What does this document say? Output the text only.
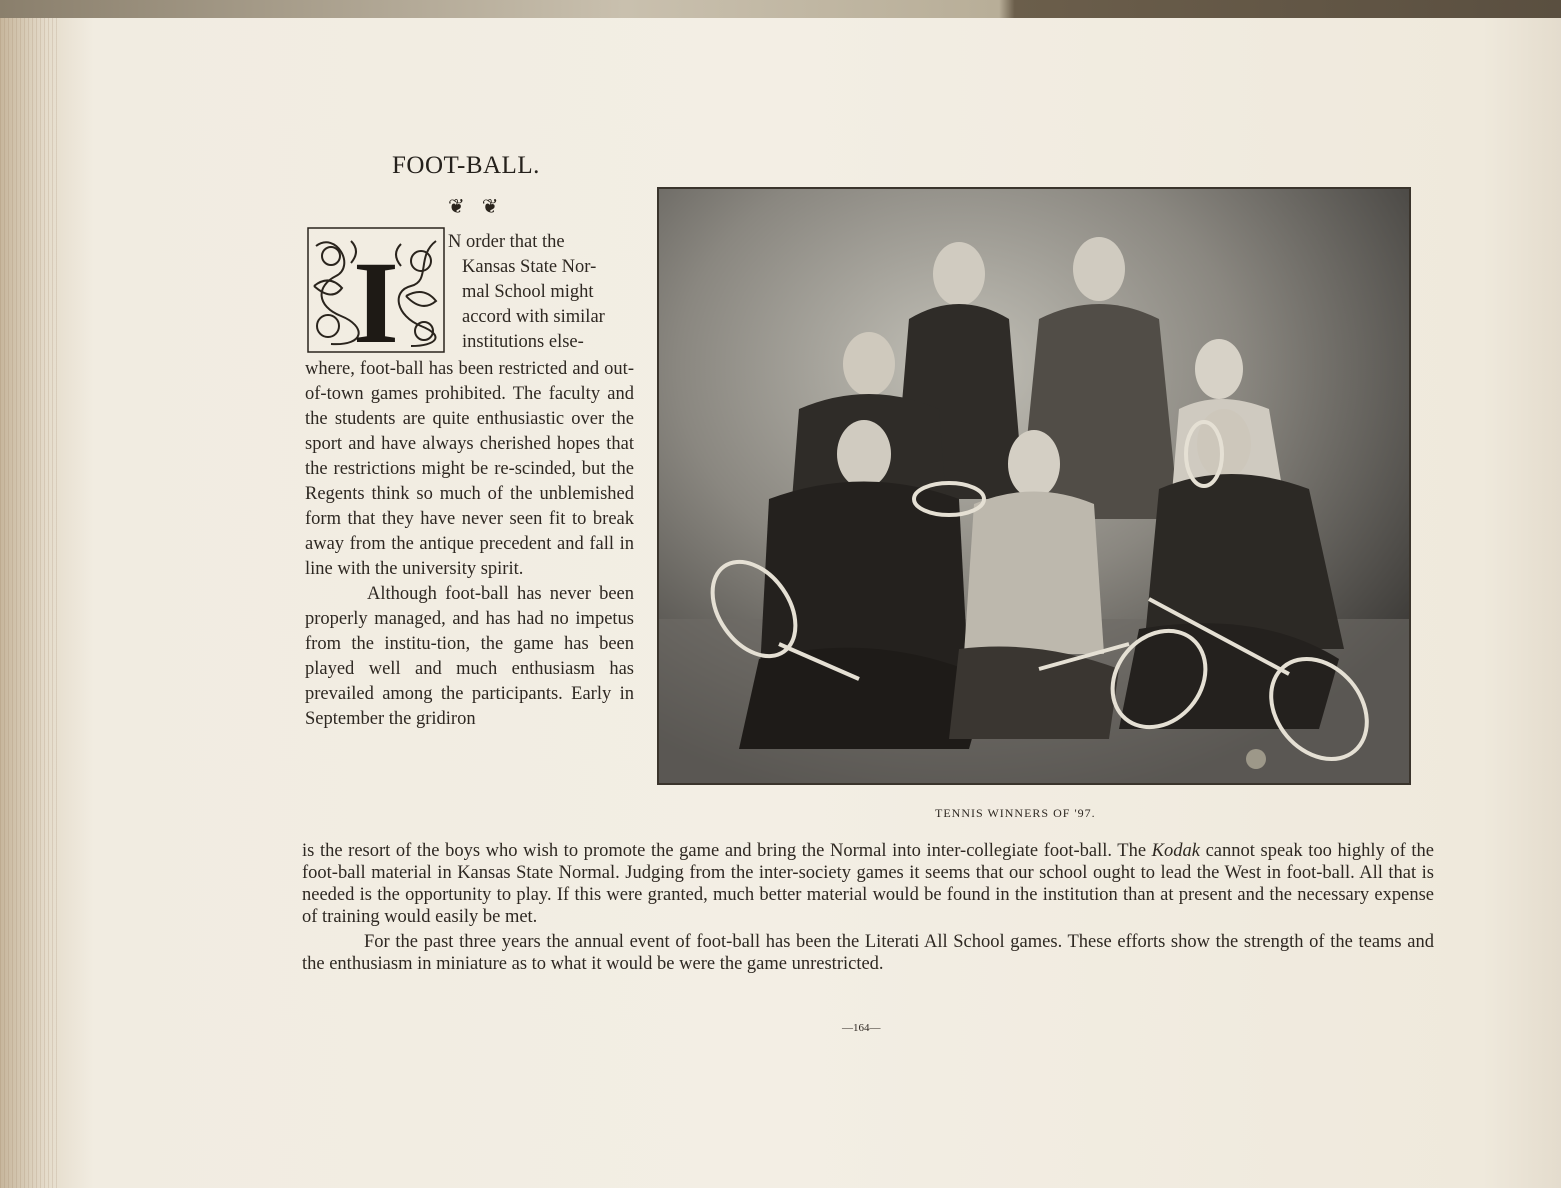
FOOT-BALL.
❦ ❦
I	N order that the
Kansas State Nor-
mal School might
accord with similar
institutions else-

where, foot-ball has been restricted and out-of-town games prohibited. The faculty and the students are quite enthusiastic over the sport and have always cherished hopes that the restrictions might be re-scinded, but the Regents think so much of the unblemished form that they have never seen fit to break away from the antique precedent and fall in line with the university spirit.

Although foot-ball has never been properly managed, and has had no impetus from the institu-tion, the game has been played well and much enthusiasm has prevailed among the participants. Early in September the gridiron

TENNIS WINNERS OF '97.

is the resort of the boys who wish to promote the game and bring the Normal into inter-collegiate foot-ball. The Kodak cannot speak too highly of the foot-ball material in Kansas State Normal. Judging from the inter-society games it seems that our school ought to lead the West in foot-ball. All that is needed is the opportunity to play. If this were granted, much better material would be found in the institution than at present and the necessary expense of training would easily be met.

For the past three years the annual event of foot-ball has been the Literati All School games. These efforts show the strength of the teams and the enthusiasm in miniature as to what it would be were the game unrestricted.

—164—
